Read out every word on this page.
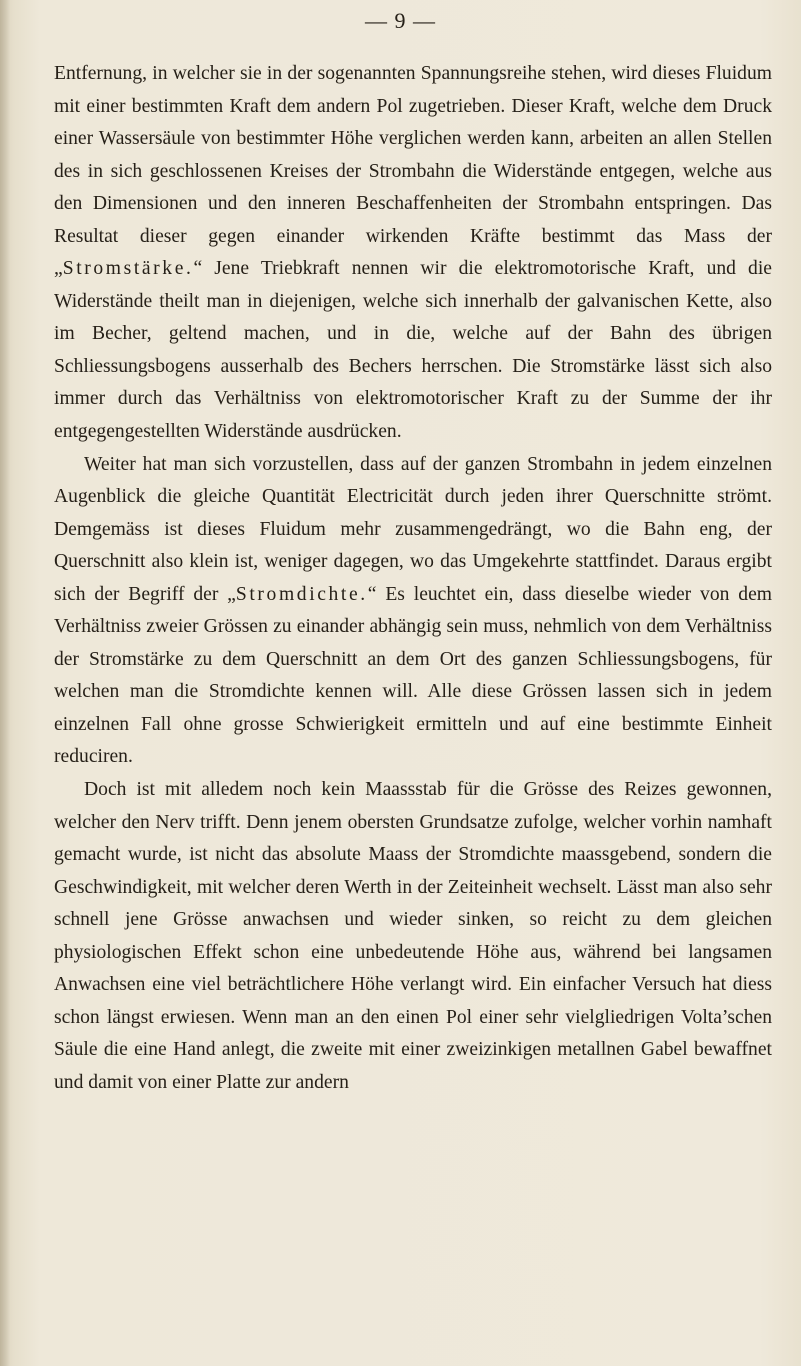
— 9 —

Entfernung, in welcher sie in der sogenannten Spannungsreihe stehen, wird dieses Fluidum mit einer bestimmten Kraft dem andern Pol zugetrieben. Dieser Kraft, welche dem Druck einer Wassersäule von bestimmter Höhe verglichen werden kann, arbeiten an allen Stellen des in sich geschlossenen Kreises der Strombahn die Widerstände entgegen, welche aus den Dimensionen und den inneren Beschaffenheiten der Strombahn entspringen. Das Resultat dieser gegen einander wirkenden Kräfte bestimmt das Mass der „Stromstärke.“ Jene Triebkraft nennen wir die elektromotorische Kraft, und die Widerstände theilt man in diejenigen, welche sich innerhalb der galvanischen Kette, also im Becher, geltend machen, und in die, welche auf der Bahn des übrigen Schliessungsbogens ausserhalb des Bechers herrschen. Die Stromstärke lässt sich also immer durch das Verhältniss von elektromotorischer Kraft zu der Summe der ihr entgegengestellten Widerstände ausdrücken.

Weiter hat man sich vorzustellen, dass auf der ganzen Strombahn in jedem einzelnen Augenblick die gleiche Quantität Electricität durch jeden ihrer Querschnitte strömt. Demgemäss ist dieses Fluidum mehr zusammengedrängt, wo die Bahn eng, der Querschnitt also klein ist, weniger dagegen, wo das Umgekehrte stattfindet. Daraus ergibt sich der Begriff der „Stromdichte.“ Es leuchtet ein, dass dieselbe wieder von dem Verhältniss zweier Grössen zu einander abhängig sein muss, nehmlich von dem Verhältniss der Stromstärke zu dem Querschnitt an dem Ort des ganzen Schliessungsbogens, für welchen man die Stromdichte kennen will. Alle diese Grössen lassen sich in jedem einzelnen Fall ohne grosse Schwierigkeit ermitteln und auf eine bestimmte Einheit reduciren.

Doch ist mit alledem noch kein Maassstab für die Grösse des Reizes gewonnen, welcher den Nerv trifft. Denn jenem obersten Grundsatze zufolge, welcher vorhin namhaft gemacht wurde, ist nicht das absolute Maass der Stromdichte maassgebend, sondern die Geschwindigkeit, mit welcher deren Werth in der Zeiteinheit wechselt. Lässt man also sehr schnell jene Grösse anwachsen und wieder sinken, so reicht zu dem gleichen physiologischen Effekt schon eine unbedeutende Höhe aus, während bei langsamen Anwachsen eine viel beträchtlichere Höhe verlangt wird. Ein einfacher Versuch hat diess schon längst erwiesen. Wenn man an den einen Pol einer sehr vielgliedrigen Volta’schen Säule die eine Hand anlegt, die zweite mit einer zweizinkigen metallnen Gabel bewaffnet und damit von einer Platte zur andern
